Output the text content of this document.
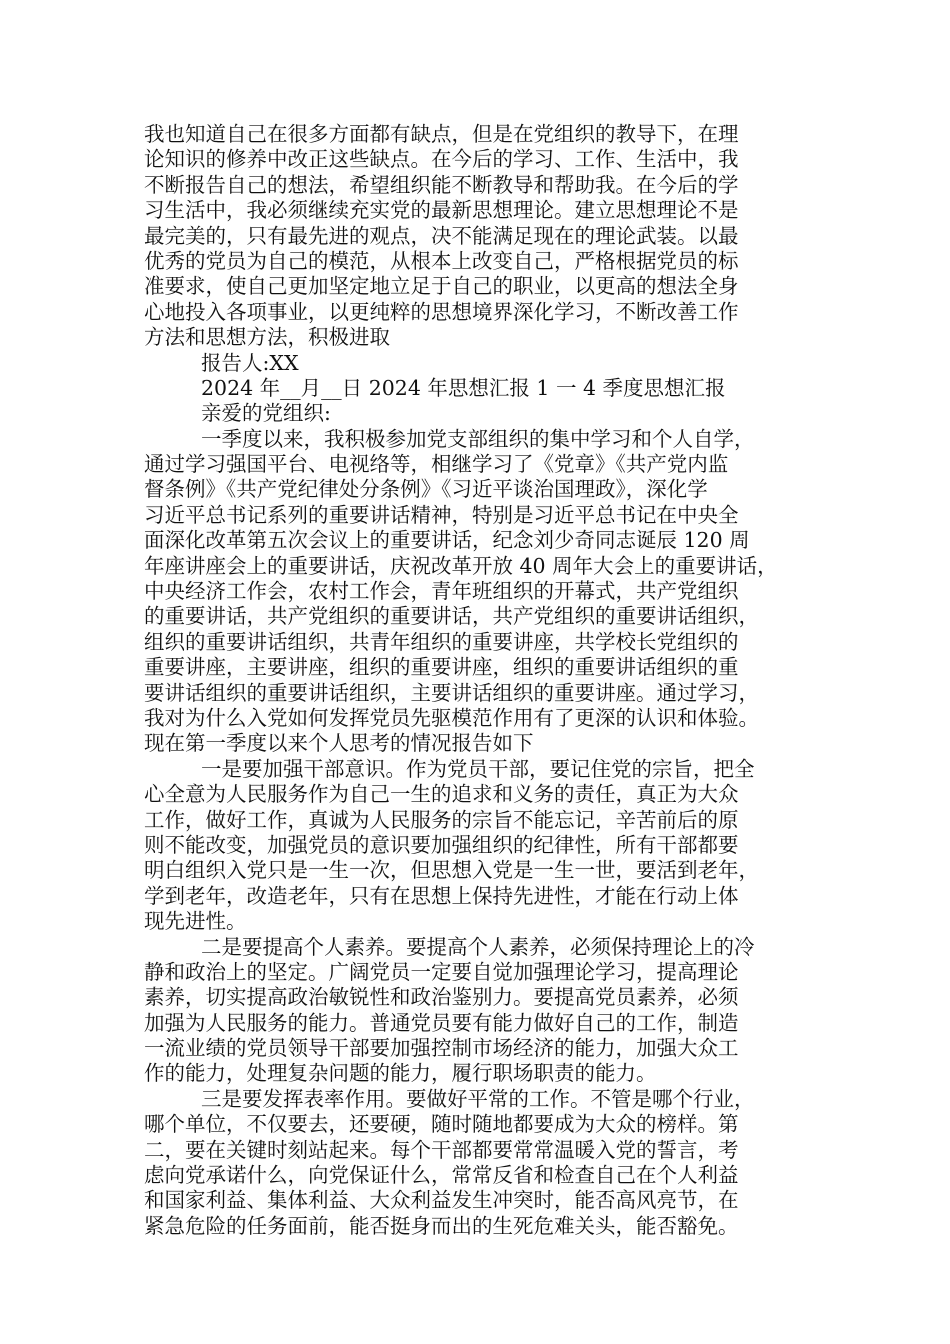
我也知道自己在很多方面都有缺点，但是在党组织的教导下，在理
论知识的修养中改正这些缺点。在今后的学习、工作、生活中，我
不断报告自己的想法，希望组织能不断教导和帮助我。在今后的学
习生活中，我必须继续充实党的最新思想理论。建立思想理论不是
最完美的，只有最先进的观点，决不能满足现在的理论武装。以最
优秀的党员为自己的模范，从根本上改变自己，严格根据党员的标
准要求，使自己更加坚定地立足于自己的职业，以更高的想法全身
心地投入各项事业，以更纯粹的思想境界深化学习，不断改善工作
方法和思想方法，积极进取
报告人:XX
2024 年__月__日 2024 年思想汇报 1 一 4 季度思想汇报
亲爱的党组织:
一季度以来，我积极参加党支部组织的集中学习和个人自学，
通过学习强国平台、电视络等，相继学习了《党章》《共产党内监
督条例》《共产党纪律处分条例》《习近平谈治国理政》，深化学
习近平总书记系列的重要讲话精神，特别是习近平总书记在中央全
面深化改革第五次会议上的重要讲话，纪念刘少奇同志诞辰 120 周
年座讲座会上的重要讲话，庆祝改革开放 40 周年大会上的重要讲话，
中央经济工作会，农村工作会，青年班组织的开幕式，共产党组织
的重要讲话，共产党组织的重要讲话，共产党组织的重要讲话组织，
组织的重要讲话组织，共青年组织的重要讲座，共学校长党组织的
重要讲座，主要讲座，组织的重要讲座，组织的重要讲话组织的重
要讲话组织的重要讲话组织，主要讲话组织的重要讲座。通过学习，
我对为什么入党如何发挥党员先驱模范作用有了更深的认识和体验。
现在第一季度以来个人思考的情况报告如下
一是要加强干部意识。作为党员干部，要记住党的宗旨，把全
心全意为人民服务作为自己一生的追求和义务的责任，真正为大众
工作，做好工作，真诚为人民服务的宗旨不能忘记，辛苦前后的原
则不能改变，加强党员的意识要加强组织的纪律性，所有干部都要
明白组织入党只是一生一次，但思想入党是一生一世，要活到老年，
学到老年，改造老年，只有在思想上保持先进性，才能在行动上体
现先进性。
二是要提高个人素养。要提高个人素养，必须保持理论上的冷
静和政治上的坚定。广阔党员一定要自觉加强理论学习，提高理论
素养，切实提高政治敏锐性和政治鉴别力。要提高党员素养，必须
加强为人民服务的能力。普通党员要有能力做好自己的工作，制造
一流业绩的党员领导干部要加强控制市场经济的能力，加强大众工
作的能力，处理复杂问题的能力，履行职场职责的能力。
三是要发挥表率作用。要做好平常的工作。不管是哪个行业，
哪个单位，不仅要去，还要硬，随时随地都要成为大众的榜样。第
二，要在关键时刻站起来。每个干部都要常常温暖入党的誓言，考
虑向党承诺什么，向党保证什么，常常反省和检查自己在个人利益
和国家利益、集体利益、大众利益发生冲突时，能否高风亮节，在
紧急危险的任务面前，能否挺身而出的生死危难关头，能否豁免。
